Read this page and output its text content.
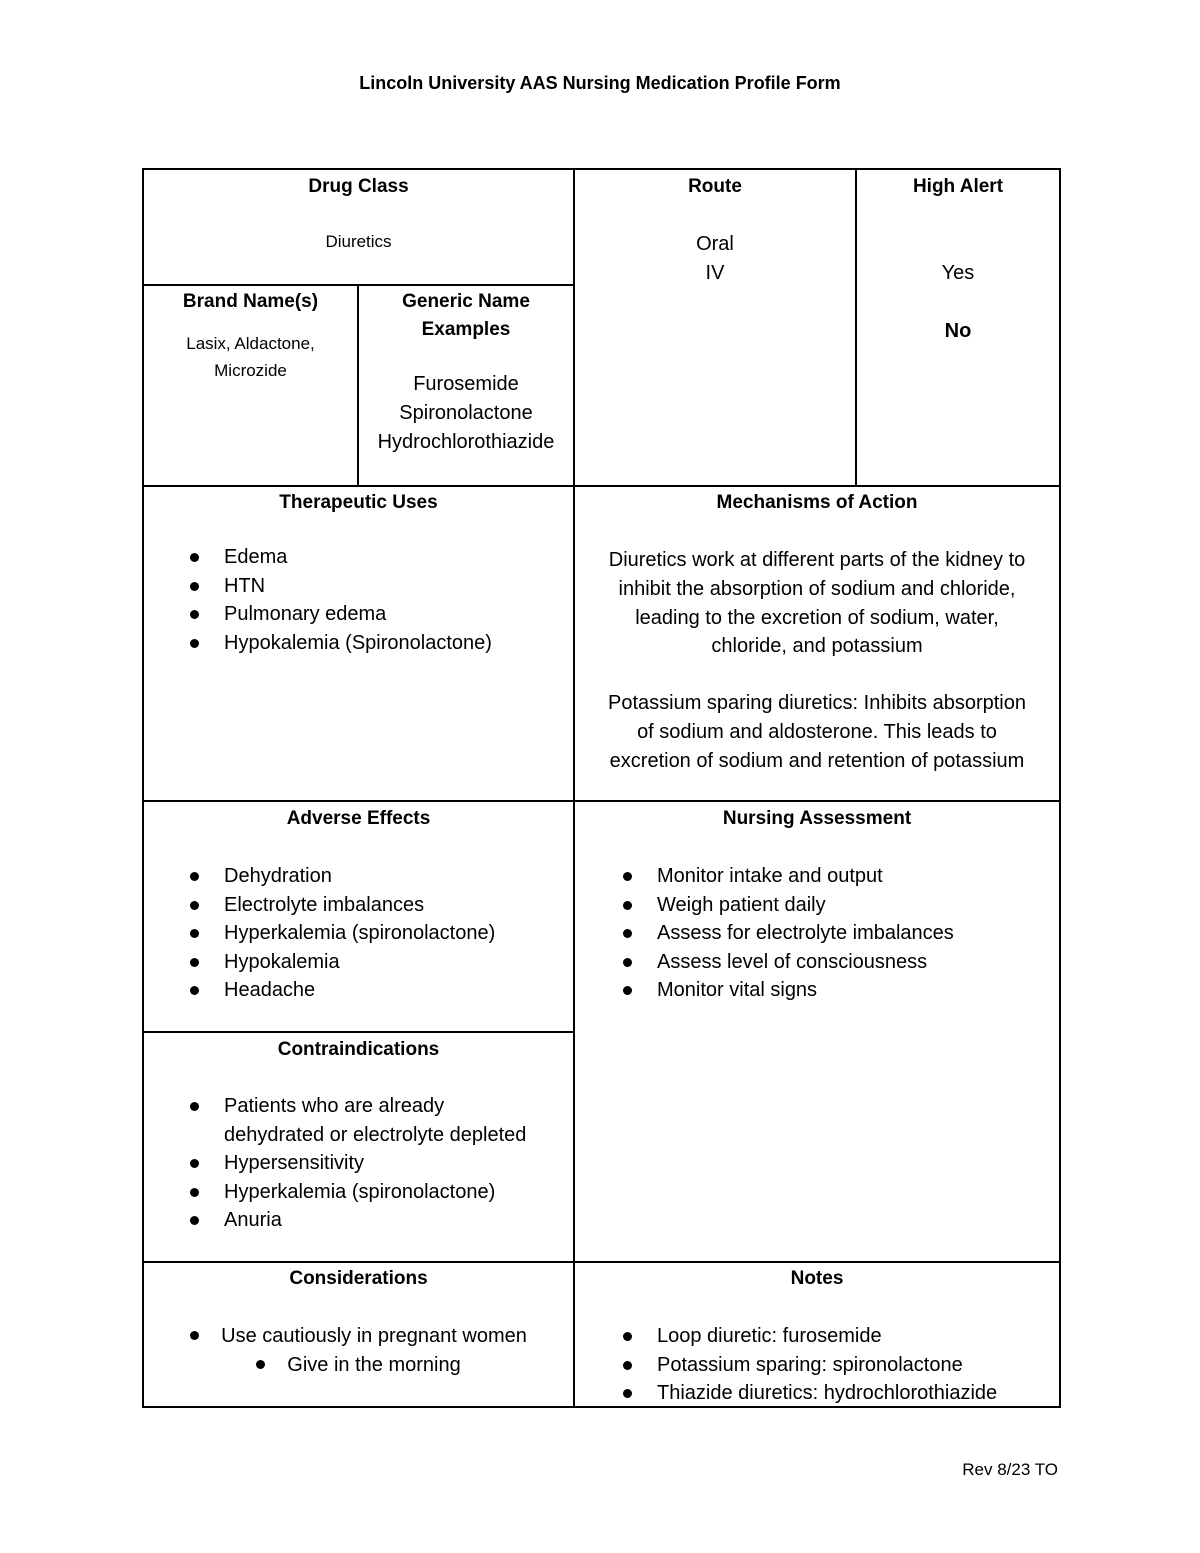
Lincoln University AAS Nursing Medication Profile Form
Drug Class
Diuretics
Route
Oral
IV
High Alert
Yes
No
Brand Name(s)
Lasix, Aldactone,
Microzide
Generic Name
Examples
Furosemide
Spironolactone
Hydrochlorothiazide
Therapeutic Uses
Edema
HTN
Pulmonary edema
Hypokalemia (Spironolactone)
Mechanisms of Action
Diuretics work at different parts of the kidney to
inhibit the absorption of sodium and chloride,
leading to the excretion of sodium, water,
chloride, and potassium
Potassium sparing diuretics: Inhibits absorption
of sodium and aldosterone. This leads to
excretion of sodium and retention of potassium
Adverse Effects
Dehydration
Electrolyte imbalances
Hyperkalemia (spironolactone)
Hypokalemia
Headache
Nursing Assessment
Monitor intake and output
Weigh patient daily
Assess for electrolyte imbalances
Assess level of consciousness
Monitor vital signs
Contraindications
Patients who are already
dehydrated or electrolyte depleted
Hypersensitivity
Hyperkalemia (spironolactone)
Anuria
Considerations
Use cautiously in pregnant women
Give in the morning
Notes
Loop diuretic: furosemide
Potassium sparing: spironolactone
Thiazide diuretics: hydrochlorothiazide
Rev 8/23 TO
